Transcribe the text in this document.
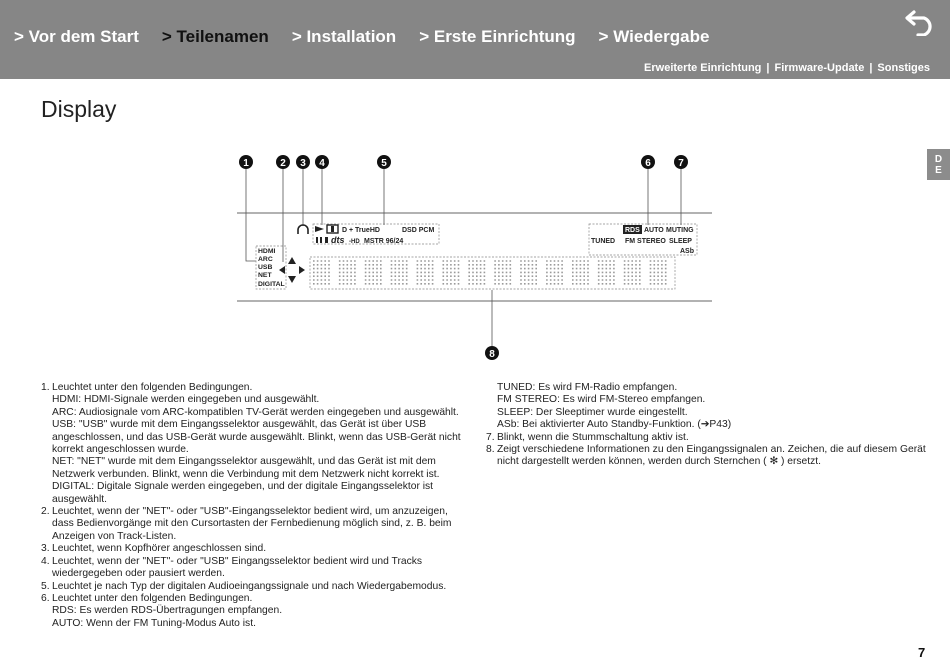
> Vor dem Start > Teilenamen > Installation > Erste Einrichtung > Wiedergabe
Erweiterte Einrichtung | Firmware-Update | Sonstiges
Display
D
E
1	2 3 4	5	6	7
8
HDMI
ARC
USB
NET
DIGITAL
D + TrueHD	DSD PCM
dts -HD MSTR 96/24
RDS AUTO MUTING
TUNED FM STEREO SLEEP
ASb
1. Leuchtet unter den folgenden Bedingungen.
HDMI: HDMI-Signale werden eingegeben und ausgewählt.
ARC: Audiosignale vom ARC-kompatiblen TV-Gerät werden eingegeben und ausgewählt.
USB: "USB" wurde mit dem Eingangsselektor ausgewählt, das Gerät ist über USB angeschlossen, und das USB-Gerät wurde ausgewählt. Blinkt, wenn das USB-Gerät nicht korrekt angeschlossen wurde.
NET: "NET" wurde mit dem Eingangsselektor ausgewählt, und das Gerät ist mit dem Netzwerk verbunden. Blinkt, wenn die Verbindung mit dem Netzwerk nicht korrekt ist.
DIGITAL: Digitale Signale werden eingegeben, und der digitale Eingangsselektor ist ausgewählt.
2. Leuchtet, wenn der "NET"- oder "USB"-Eingangsselektor bedient wird, um anzuzeigen, dass Bedienvorgänge mit den Cursortasten der Fernbedienung möglich sind, z. B. beim Anzeigen von Track-Listen.
3. Leuchtet, wenn Kopfhörer angeschlossen sind.
4. Leuchtet, wenn der "NET"- oder "USB" Eingangsselektor bedient wird und Tracks wiedergegeben oder pausiert werden.
5. Leuchtet je nach Typ der digitalen Audioeingangssignale und nach Wiedergabemodus.
6. Leuchtet unter den folgenden Bedingungen.
RDS: Es werden RDS-Übertragungen empfangen.
AUTO: Wenn der FM Tuning-Modus Auto ist.
TUNED: Es wird FM-Radio empfangen.
FM STEREO: Es wird FM-Stereo empfangen.
SLEEP: Der Sleeptimer wurde eingestellt.
ASb: Bei aktivierter Auto Standby-Funktion. (➔P43)
7. Blinkt, wenn die Stummschaltung aktiv ist.
8. Zeigt verschiedene Informationen zu den Eingangssignalen an. Zeichen, die auf diesem Gerät nicht dargestellt werden können, werden durch Sternchen ( ✻ ) ersetzt.
7
